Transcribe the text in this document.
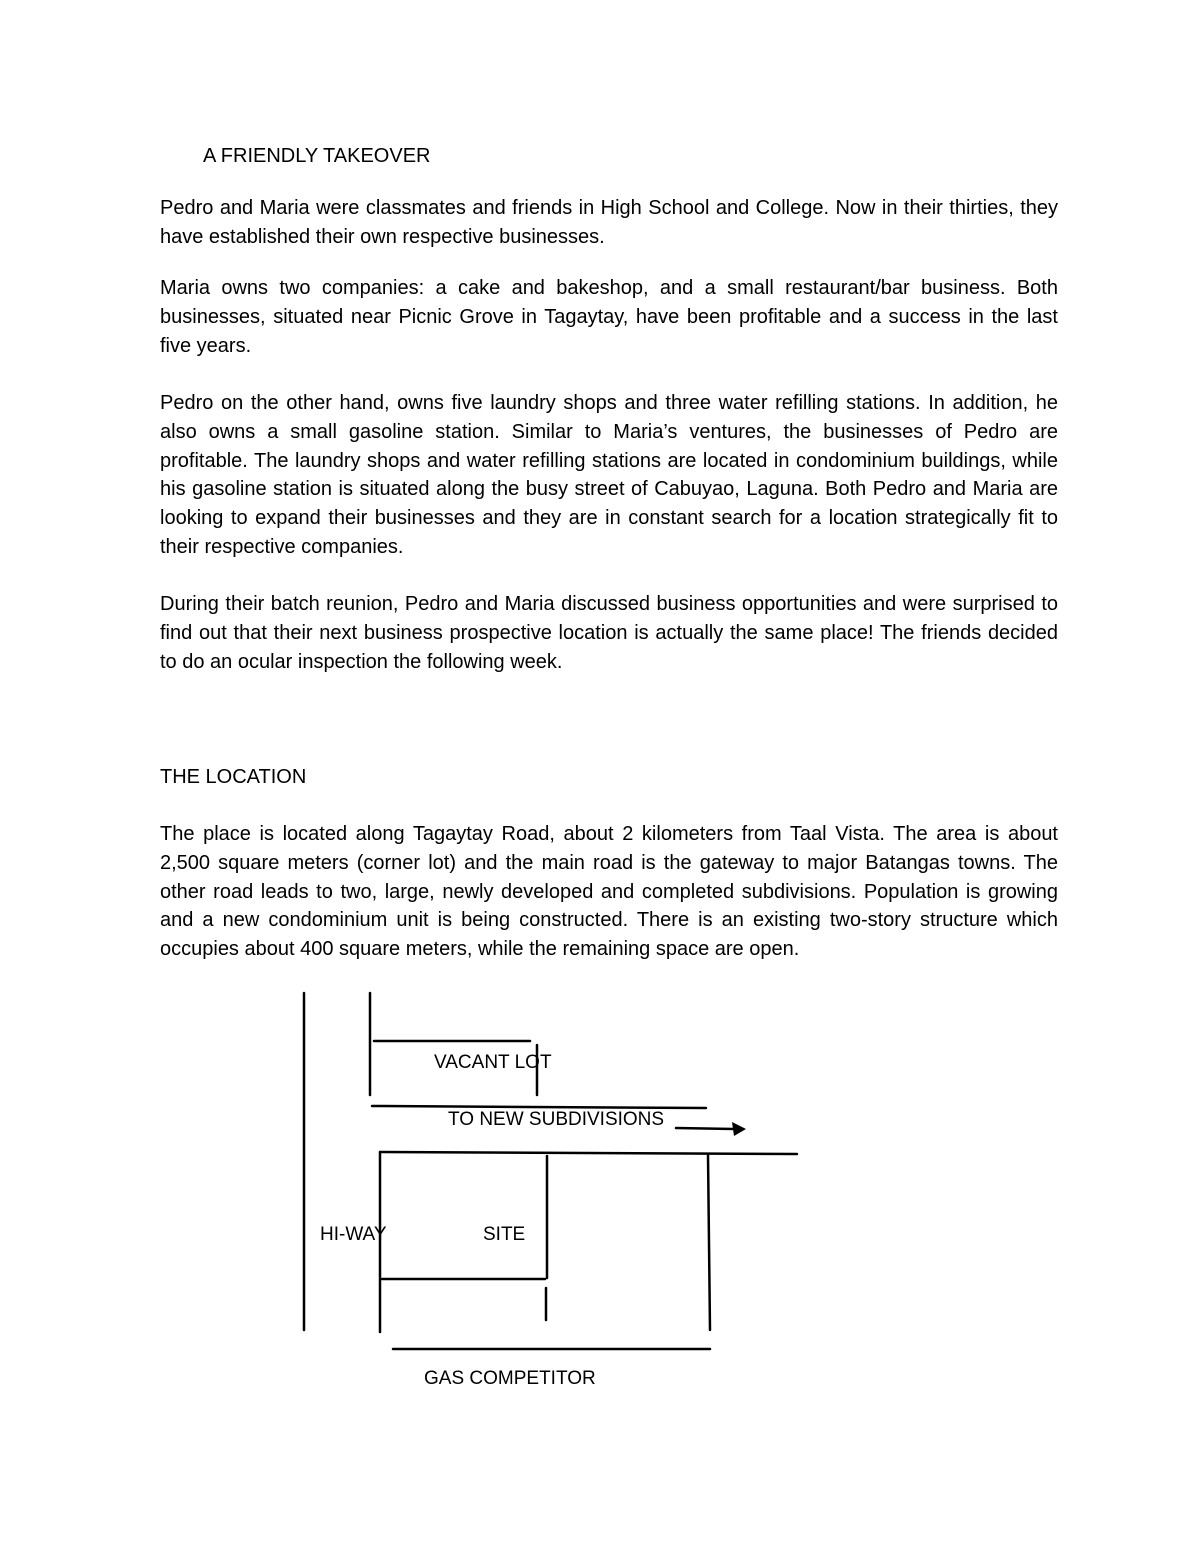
A FRIENDLY TAKEOVER

Pedro and Maria were classmates and friends in High School and College. Now in their thirties, they have established their own respective businesses.

Maria owns two companies: a cake and bakeshop, and a small restaurant/bar business. Both businesses, situated near Picnic Grove in Tagaytay, have been profitable and a success in the last five years.

Pedro on the other hand, owns five laundry shops and three water refilling stations. In addition, he also owns a small gasoline station. Similar to Maria’s ventures, the businesses of Pedro are profitable. The laundry shops and water refilling stations are located in condominium buildings, while his gasoline station is situated along the busy street of Cabuyao, Laguna. Both Pedro and Maria are looking to expand their businesses and they are in constant search for a location strategically fit to their respective companies.

During their batch reunion, Pedro and Maria discussed business opportunities and were surprised to find out that their next business prospective location is actually the same place! The friends decided to do an ocular inspection the following week.

THE LOCATION

The place is located along Tagaytay Road, about 2 kilometers from Taal Vista. The area is about 2,500 square meters (corner lot) and the main road is the gateway to major Batangas towns. The other road leads to two, large, newly developed and completed subdivisions. Population is growing and a new condominium unit is being constructed. There is an existing two-story structure which occupies about 400 square meters, while the remaining space are open.

VACANT LOT
TO NEW SUBDIVISIONS
HI-WAY	SITE
GAS COMPETITOR
